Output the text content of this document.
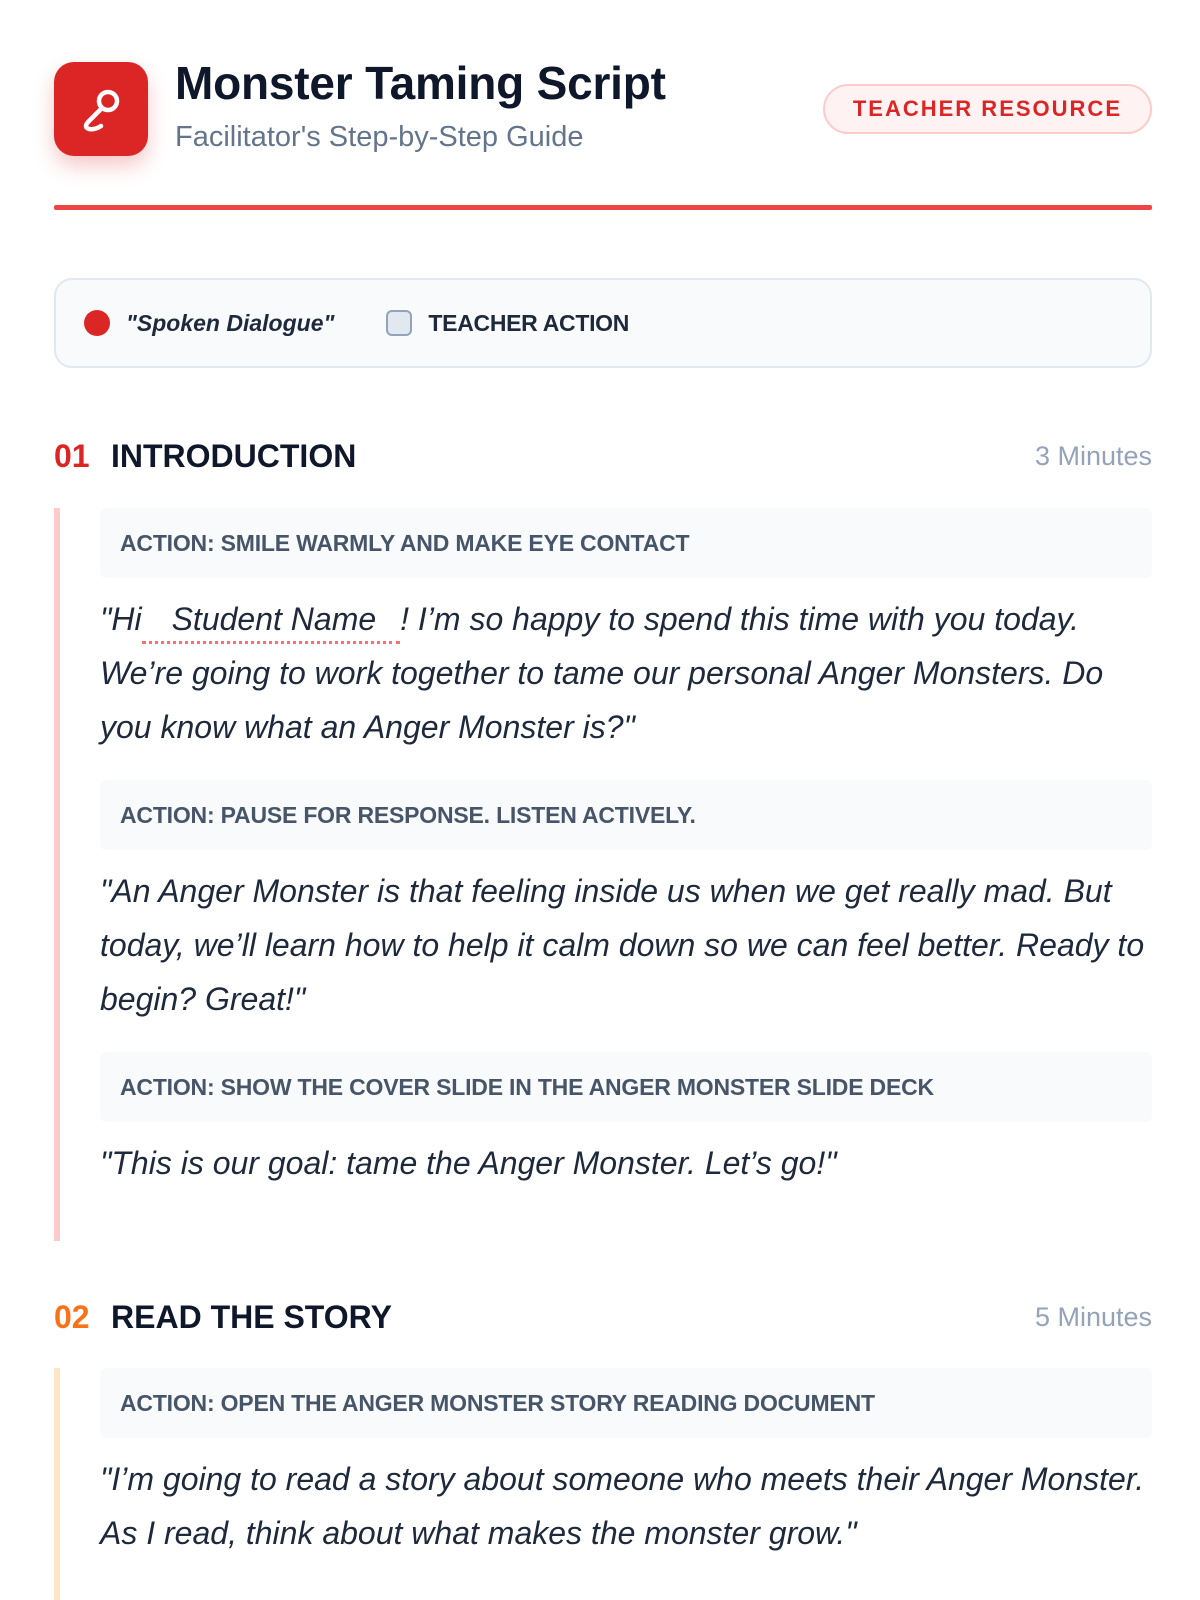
Monster Taming Script
Facilitator's Step-by-Step Guide
TEACHER RESOURCE
"Spoken Dialogue"	TEACHER ACTION
01 INTRODUCTION	3 Minutes
ACTION: SMILE WARMLY AND MAKE EYE CONTACT
"Hi Student Name ! I’m so happy to spend this time with you today. We’re going to work together to tame our personal Anger Monsters. Do you know what an Anger Monster is?"
ACTION: PAUSE FOR RESPONSE. LISTEN ACTIVELY.
"An Anger Monster is that feeling inside us when we get really mad. But today, we’ll learn how to help it calm down so we can feel better. Ready to begin? Great!"
ACTION: SHOW THE COVER SLIDE IN THE ANGER MONSTER SLIDE DECK
"This is our goal: tame the Anger Monster. Let’s go!"
02 READ THE STORY	5 Minutes
ACTION: OPEN THE ANGER MONSTER STORY READING DOCUMENT
"I’m going to read a story about someone who meets their Anger Monster. As I read, think about what makes the monster grow."
